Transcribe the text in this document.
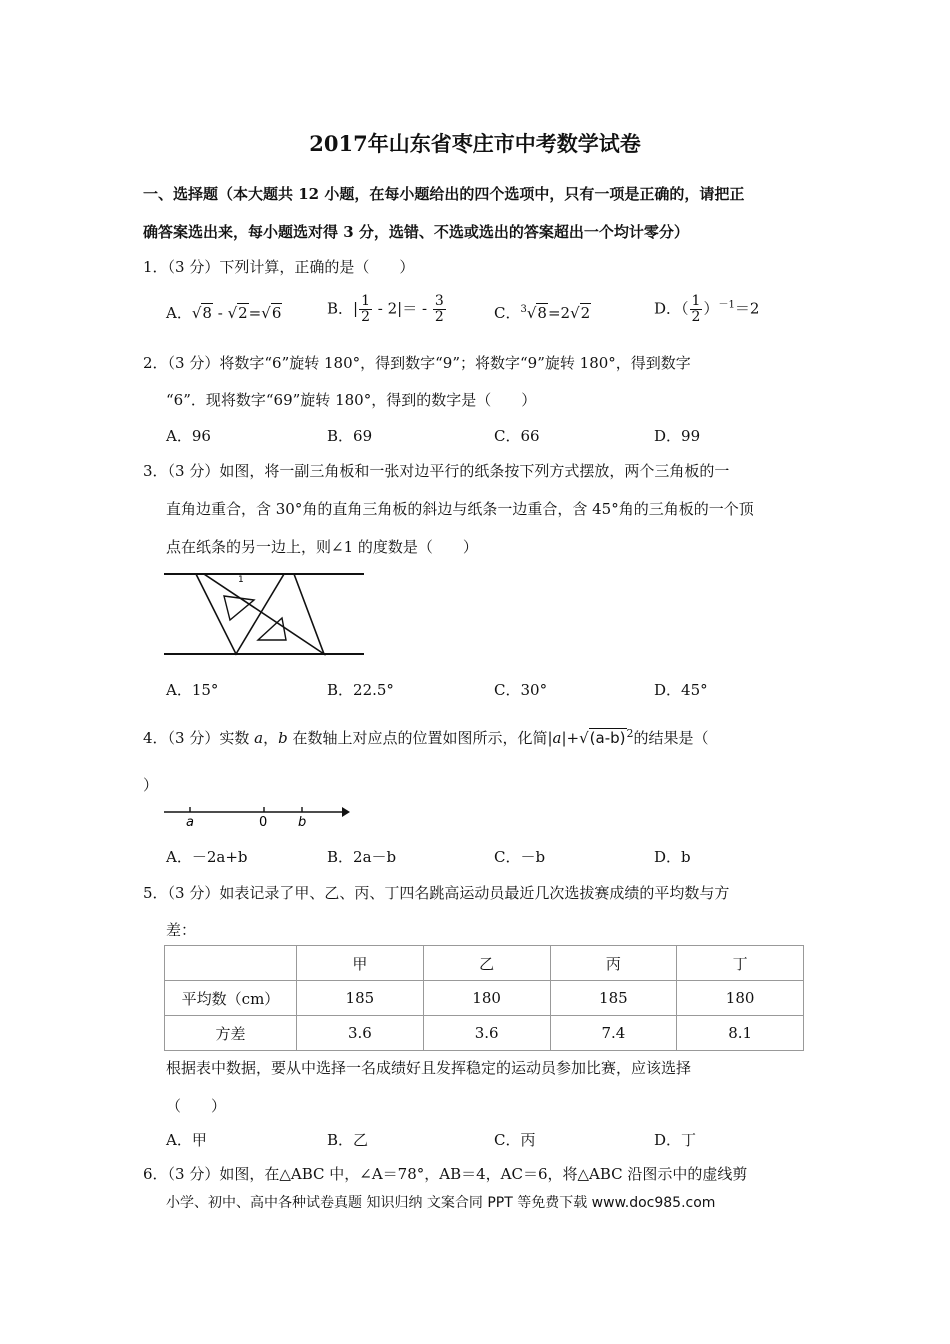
2017年山东省枣庄市中考数学试卷
一、选择题（本大题共 12 小题，在每小题给出的四个选项中，只有一项是正确的，请把正
确答案选出来，每小题选对得 3 分，选错、不选或选出的答案超出一个均计零分）
1．（3 分）下列计算，正确的是（　　）
A．√8 - √2=√6	B．| $\frac{1}{2} - 2|= - \frac{3}{2}$	C．$^3$√8=2√2	D．（ $\frac{1}{2} )^{-1}=2$
2．（3 分）将数字“6”旋转 180°，得到数字“9”；将数字“9”旋转 180°，得到数字
“6”．现将数字“69”旋转 180°，得到的数字是（　　）
A．96	B．69	C．66	D．99
3．（3 分）如图，将一副三角板和一张对边平行的纸条按下列方式摆放，两个三角板的一
直角边重合，含 30°角的直角三角板的斜边与纸条一边重合，含 45°角的三角板的一个顶
点在纸条的另一边上，则∠1 的度数是（　　）
1
A．15°	B．22.5°	C．30°	D．45°
4．（3 分）实数 a，b 在数轴上对应点的位置如图所示，化简$|a|+√(a-b)^2$的结果是（
）
a	0 b
A．－2a+b	B．2a－b	C．－b	D．b
5．（3 分）如表记录了甲、乙、丙、丁四名跳高运动员最近几次选拔赛成绩的平均数与方
差：
	甲	乙	丙	丁
平均数（cm）	185	180	185	180
方差	3.6	3.6	7.4	8.1
根据表中数据，要从中选择一名成绩好且发挥稳定的运动员参加比赛，应该选择
（　　）
A．甲	B．乙	C．丙	D．丁
6．（3 分）如图，在△ABC 中，∠A＝78°，AB＝4，AC＝6，将△ABC 沿图示中的虚线剪
小学、初中、高中各种试卷真题 知识归纳 文案合同 PPT 等免费下载 www.doc985.com
